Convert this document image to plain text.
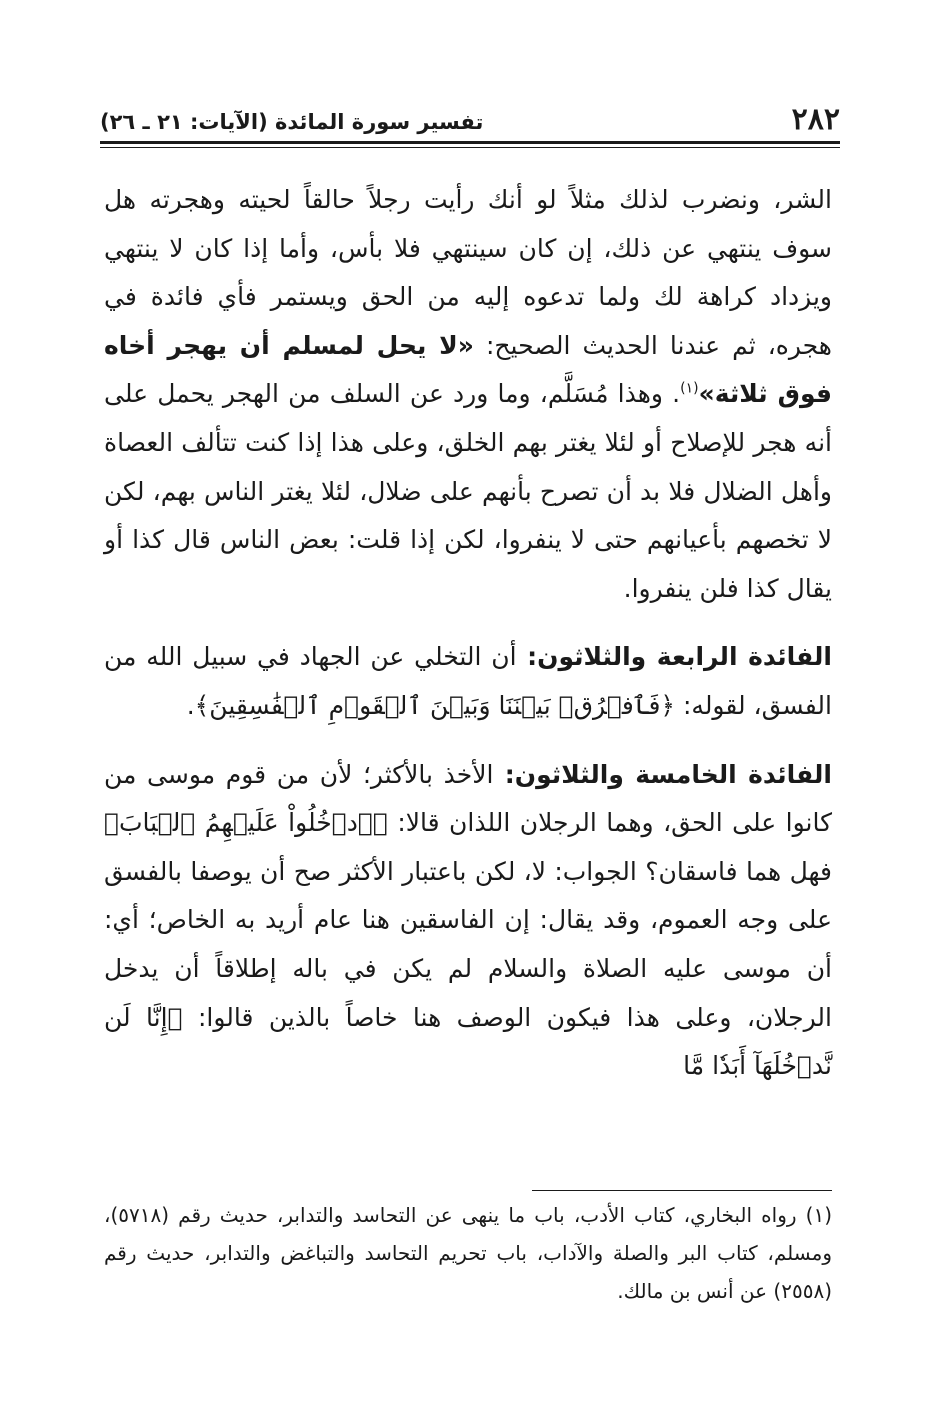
٢٨٢
تفسير سورة المائدة (الآيات: ٢١ ـ ٢٦)

الشر، ونضرب لذلك مثلاً لو أنك رأيت رجلاً حالقاً لحيته وهجرته هل سوف ينتهي عن ذلك، إن كان سينتهي فلا بأس، وأما إذا كان لا ينتهي ويزداد كراهة لك ولما تدعوه إليه من الحق ويستمر فأي فائدة في هجره، ثم عندنا الحديث الصحيح: «لا يحل لمسلم أن يهجر أخاه فوق ثلاثة»$^{(١)}$. وهذا مُسَلَّم، وما ورد عن السلف من الهجر يحمل على أنه هجر للإصلاح أو لئلا يغتر بهم الخلق، وعلى هذا إذا كنت تتألف العصاة وأهل الضلال فلا بد أن تصرح بأنهم على ضلال، لئلا يغتر الناس بهم، لكن لا تخصهم بأعيانهم حتى لا ينفروا، لكن إذا قلت: بعض الناس قال كذا أو يقال كذا فلن ينفروا.

الفائدة الرابعة والثلاثون: أن التخلي عن الجهاد في سبيل الله من الفسق، لقوله: ﴿فَٱفۡرُقۡ بَيۡنَنَا وَبَيۡنَ ٱلۡقَوۡمِ ٱلۡفَٰسِقِينَ﴾.

الفائدة الخامسة والثلاثون: الأخذ بالأكثر؛ لأن من قوم موسى من كانوا على الحق، وهما الرجلان اللذان قالا: ﴿ٱدۡخُلُواْ عَلَيۡهِمُ ٱلۡبَابَ﴾ فهل هما فاسقان؟ الجواب: لا، لكن باعتبار الأكثر صح أن يوصفا بالفسق على وجه العموم، وقد يقال: إن الفاسقين هنا عام أريد به الخاص؛ أي: أن موسى عليه الصلاة والسلام لم يكن في باله إطلاقاً أن يدخل الرجلان، وعلى هذا فيكون الوصف هنا خاصاً بالذين قالوا: ﴿إِنَّا لَن نَّدۡخُلَهَآ أَبَدٗا مَّا

(١) رواه البخاري، كتاب الأدب، باب ما ينهى عن التحاسد والتدابر، حديث رقم (٥٧١٨)، ومسلم، كتاب البر والصلة والآداب، باب تحريم التحاسد والتباغض والتدابر، حديث رقم (٢٥٥٨) عن أنس بن مالك.
